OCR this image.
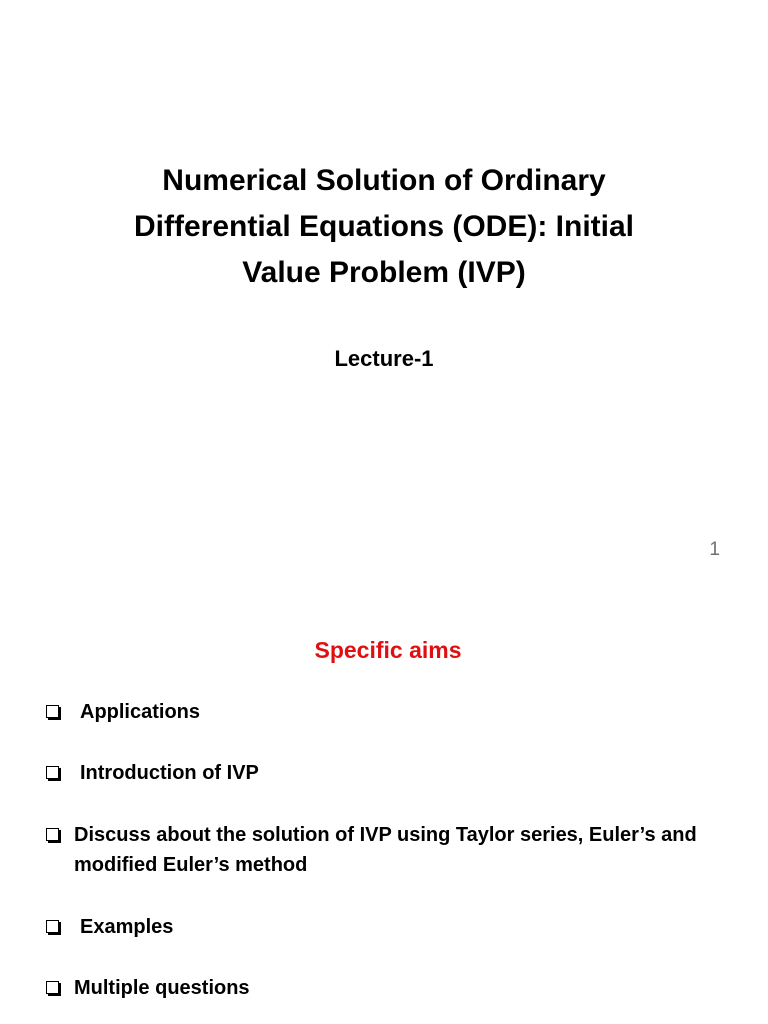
Numerical Solution of Ordinary
Differential Equations (ODE): Initial
Value Problem (IVP)
Lecture-1
1
Specific aims
Applications
Introduction of IVP
Discuss about the solution of IVP using Taylor series, Euler’s and modified Euler’s method
Examples
Multiple questions
